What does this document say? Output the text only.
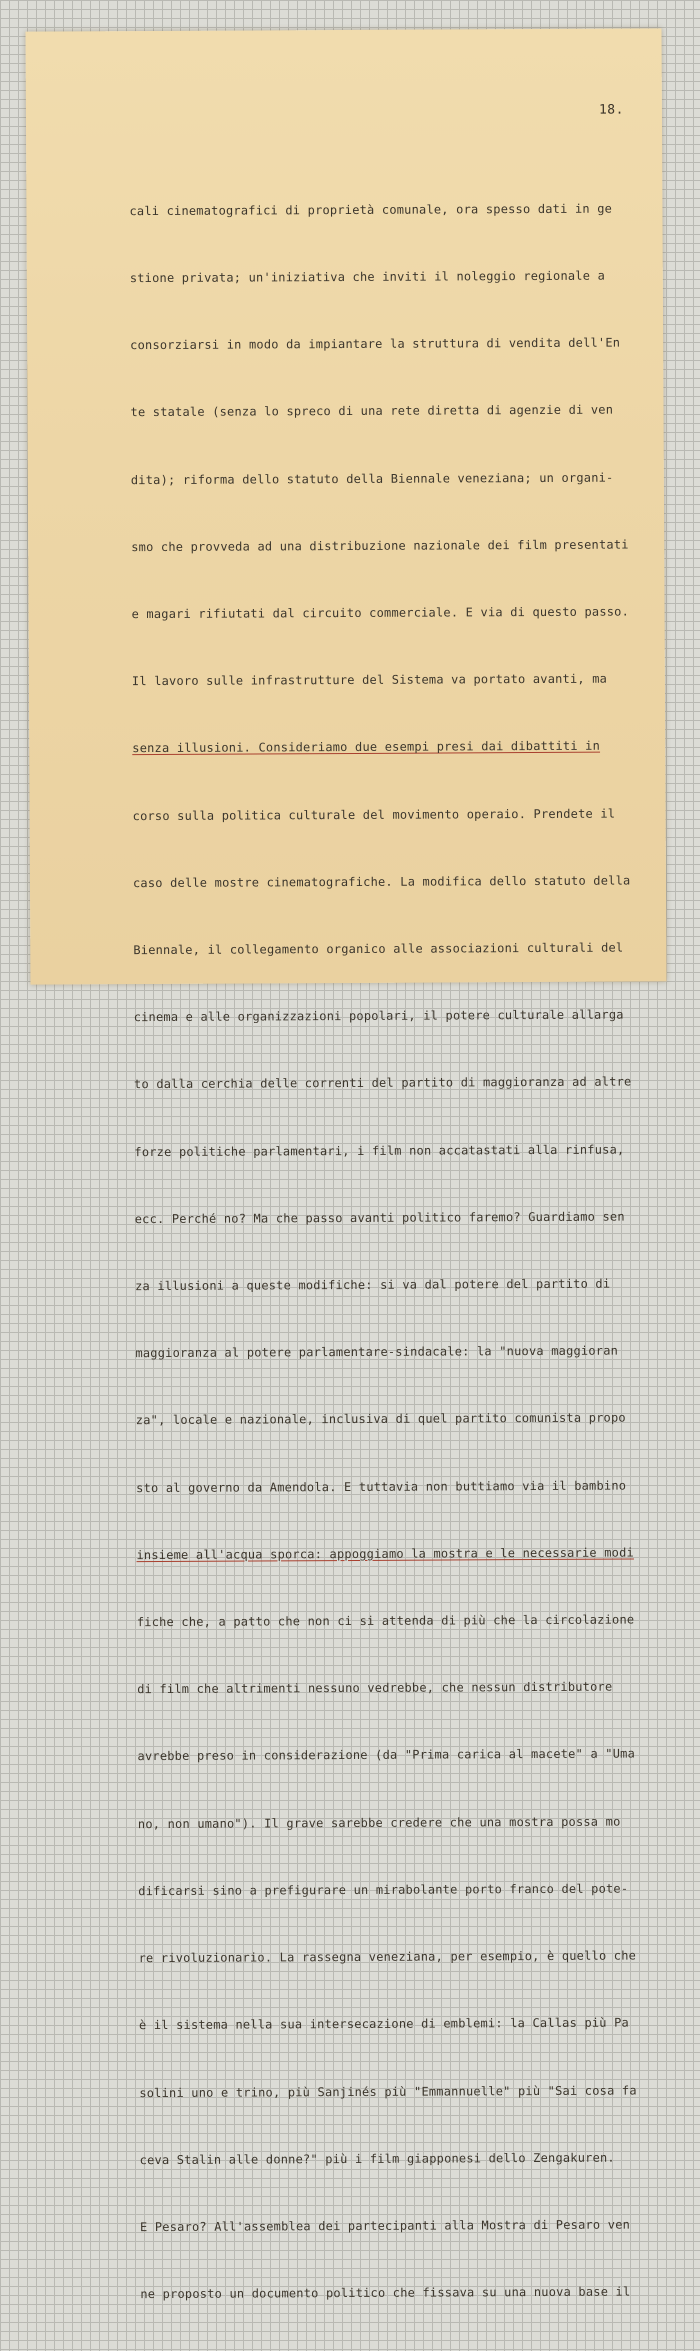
18.

cali cinematografici di proprietà comunale, ora spesso dati in ge

stione privata; un'iniziativa che inviti il noleggio regionale a

consorziarsi in modo da impiantare la struttura di vendita dell'En

te statale (senza lo spreco di una rete diretta di agenzie di ven

dita); riforma dello statuto della Biennale veneziana; un organi-

smo che provveda ad una distribuzione nazionale dei film presentati

e magari rifiutati dal circuito commerciale. E via di questo passo.

Il lavoro sulle infrastrutture del Sistema va portato avanti, ma

senza illusioni. Consideriamo due esempi presi dai dibattiti in

corso sulla politica culturale del movimento operaio. Prendete il

caso delle mostre cinematografiche. La modifica dello statuto della

Biennale, il collegamento organico alle associazioni culturali del

cinema e alle organizzazioni popolari, il potere culturale allarga

to dalla cerchia delle correnti del partito di maggioranza ad altre

forze politiche parlamentari, i film non accatastati alla rinfusa,

ecc. Perché no? Ma che passo avanti politico faremo? Guardiamo sen

za illusioni a queste modifiche: si va dal potere del partito di

maggioranza al potere parlamentare-sindacale: la "nuova maggioran

za", locale e nazionale, inclusiva di quel partito comunista propo

sto al governo da Amendola. E tuttavia non buttiamo via il bambino

insieme all'acqua sporca: appoggiamo la mostra e le necessarie modi

fiche che, a patto che non ci si attenda di più che la circolazione

di film che altrimenti nessuno vedrebbe, che nessun distributore

avrebbe preso in considerazione (da "Prima carica al macete" a "Uma

no, non umano"). Il grave sarebbe credere che una mostra possa mo

dificarsi sino a prefigurare un mirabolante porto franco del pote-

re rivoluzionario. La rassegna veneziana, per esempio, è quello che

è il sistema nella sua intersecazione di emblemi: la Callas più Pa

solini uno e trino, più Sanjinés più "Emmannuelle" più "Sai cosa fa

ceva Stalin alle donne?" più i film giapponesi dello Zengakuren.

E Pesaro? All'assemblea dei partecipanti alla Mostra di Pesaro ven

ne proposto un documento politico che fissava su una nuova base il
